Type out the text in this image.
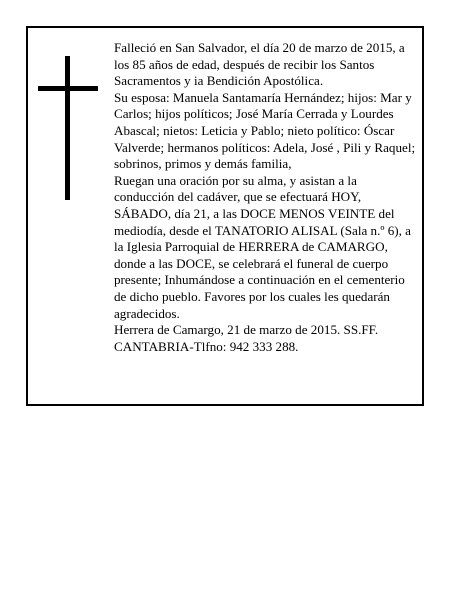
Falleció en San Salvador, el día 20 de marzo de 2015, a los 85 años de edad, después de recibir los Santos Sacramentos y ia Bendición Apostólica.

Su esposa: Manuela Santamaría Hernández; hijos: Mar y Carlos; hijos políticos; José María Cerrada y Lourdes Abascal; nietos: Leticia y Pablo; nieto político: Óscar Valverde; hermanos políticos: Adela, José , Pili y Raquel; sobrinos, primos y demás familia,

Ruegan una oración por su alma, y asistan a la conducción del cadáver, que se efectuará HOY, SÁBADO, día 21, a las DOCE MENOS VEINTE del mediodía, desde el TANATORIO ALISAL (Sala n.º 6), a la Iglesia Parroquial de HERRERA de CAMARGO, donde a las DOCE, se celebrará el funeral de cuerpo presente; Inhumándose a continuación en el cementerio de dicho pueblo. Favores por los cuales les quedarán agradecidos.

Herrera de Camargo, 21 de marzo de 2015. SS.FF. CANTABRIA-Tlfno: 942 333 288.
